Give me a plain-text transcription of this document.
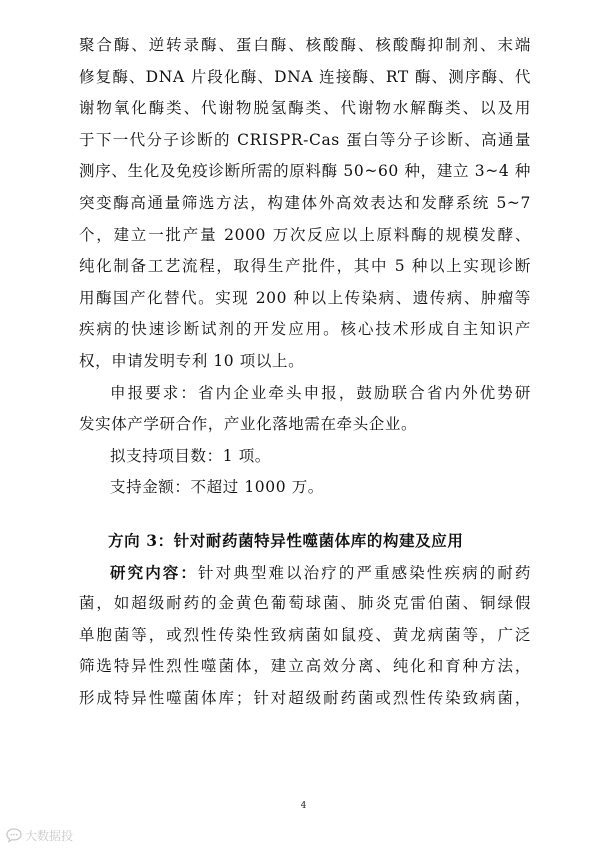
聚合酶、逆转录酶、蛋白酶、核酸酶、核酸酶抑制剂、末端
修复酶、DNA 片段化酶、DNA 连接酶、RT 酶、测序酶、代
谢物氧化酶类、代谢物脱氢酶类、代谢物水解酶类、以及用
于下一代分子诊断的 CRISPR-Cas 蛋白等分子诊断、高通量
测序、生化及免疫诊断所需的原料酶 50~60 种，建立 3~4 种
突变酶高通量筛选方法，构建体外高效表达和发酵系统 5~7
个，建立一批产量 2000 万次反应以上原料酶的规模发酵、
纯化制备工艺流程，取得生产批件，其中 5 种以上实现诊断
用酶国产化替代。实现 200 种以上传染病、遗传病、肿瘤等
疾病的快速诊断试剂的开发应用。核心技术形成自主知识产
权，申请发明专利 10 项以上。
申报要求：省内企业牵头申报，鼓励联合省内外优势研
发实体产学研合作，产业化落地需在牵头企业。
拟支持项目数：1 项。
支持金额：不超过 1000 万。
方向 3：针对耐药菌特异性噬菌体库的构建及应用
研究内容：针对典型难以治疗的严重感染性疾病的耐药
菌，如超级耐药的金黄色葡萄球菌、肺炎克雷伯菌、铜绿假
单胞菌等，或烈性传染性致病菌如鼠疫、黄龙病菌等，广泛
筛选特异性烈性噬菌体，建立高效分离、纯化和育种方法，
形成特异性噬菌体库；针对超级耐药菌或烈性传染致病菌，
4
大数据投
